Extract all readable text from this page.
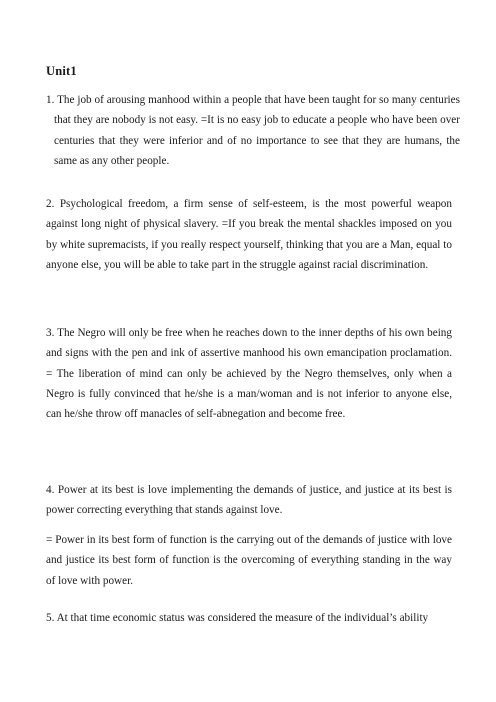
Unit1

1. The job of arousing manhood within a people that have been taught for so many centuries that they are nobody is not easy. =It is no easy job to educate a people who have been over centuries that they were inferior and of no importance to see that they are humans, the same as any other people.

2. Psychological freedom, a firm sense of self-esteem, is the most powerful weapon against long night of physical slavery. =If you break the mental shackles imposed on you by white supremacists, if you really respect yourself, thinking that you are a Man, equal to anyone else, you will be able to take part in the struggle against racial discrimination.

3. The Negro will only be free when he reaches down to the inner depths of his own being and signs with the pen and ink of assertive manhood his own emancipation proclamation. = The liberation of mind can only be achieved by the Negro themselves, only when a Negro is fully convinced that he/she is a man/woman and is not inferior to anyone else, can he/she throw off manacles of self-abnegation and become free.

4. Power at its best is love implementing the demands of justice, and justice at its best is power correcting everything that stands against love.

= Power in its best form of function is the carrying out of the demands of justice with love and justice its best form of function is the overcoming of everything standing in the way of love with power.

5. At that time economic status was considered the measure of the individual’s ability
